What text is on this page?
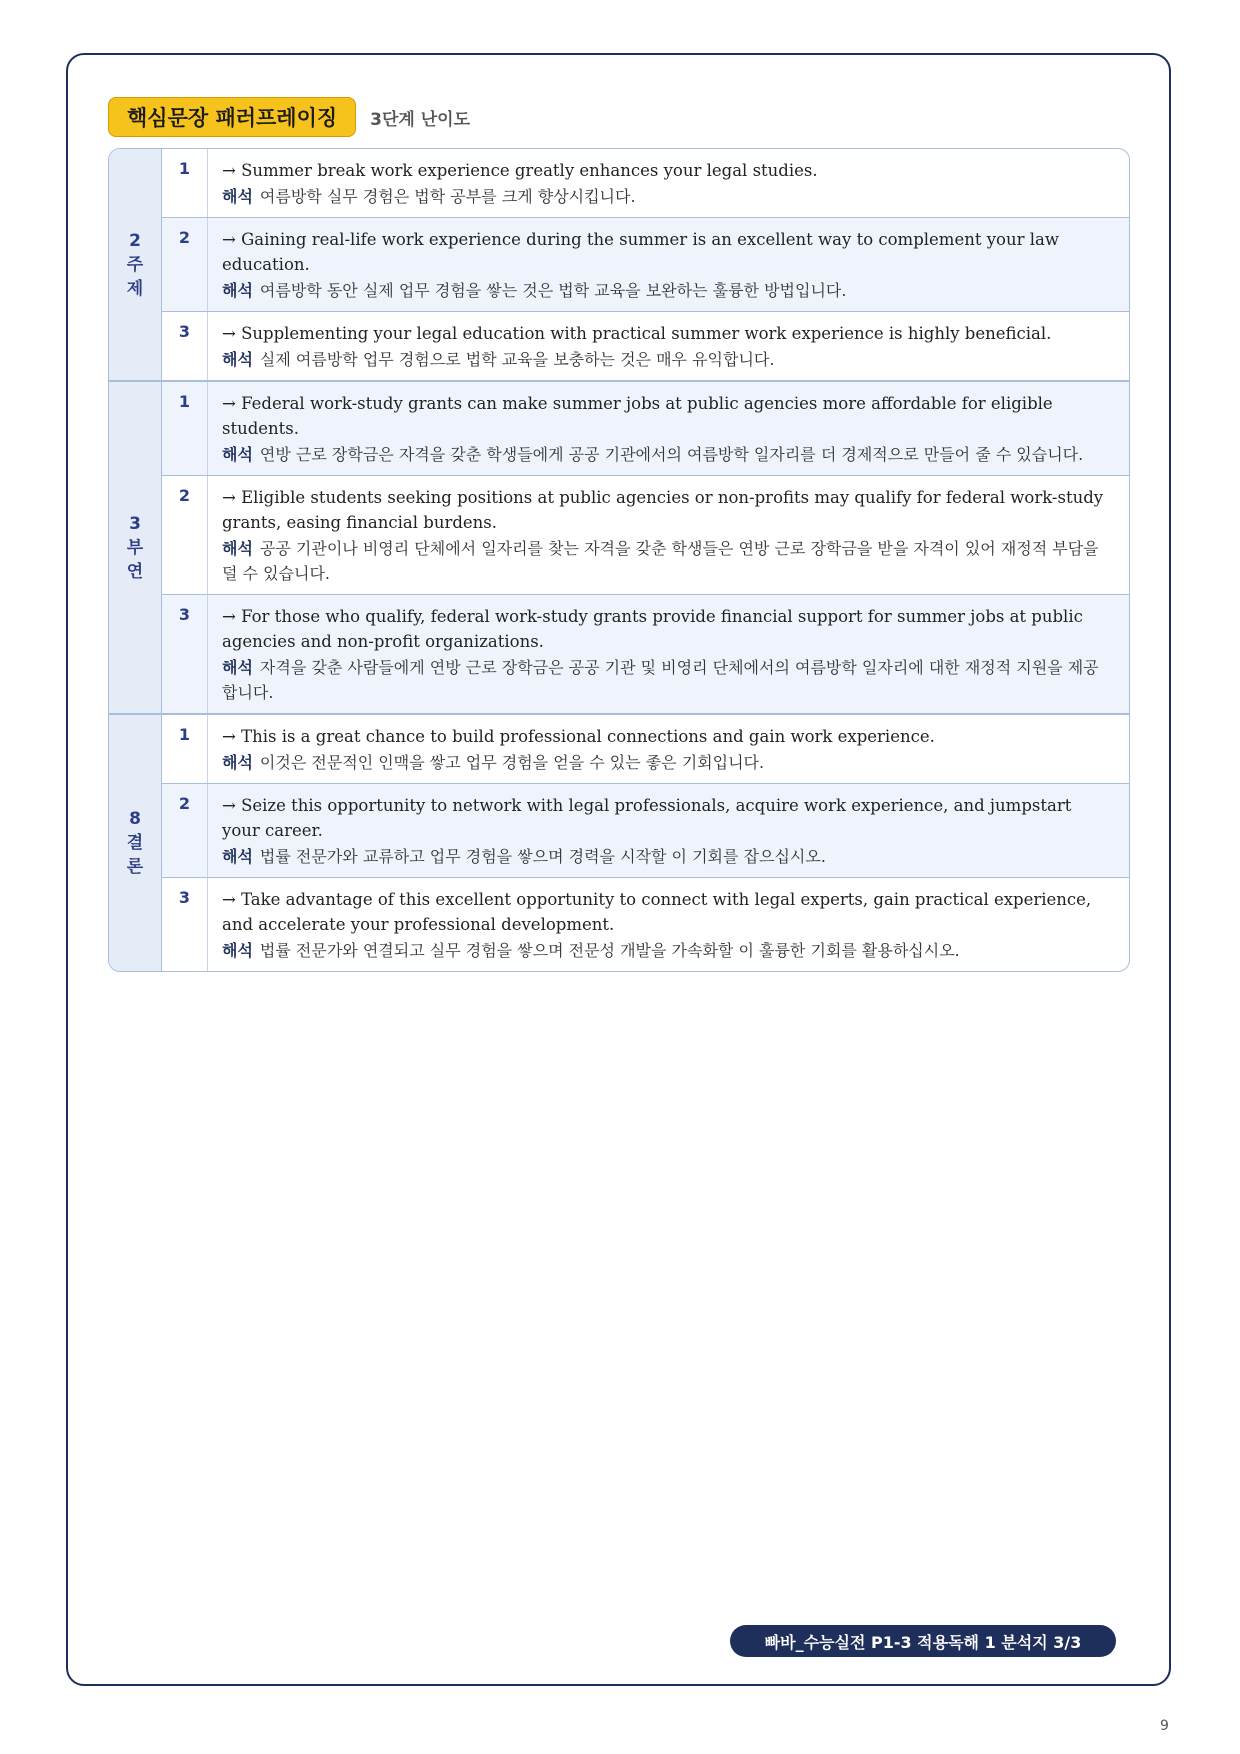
핵심문장 패러프레이징	3단계 난이도
2
주
제
1	→ Summer break work experience greatly enhances your legal studies.
해석 여름방학 실무 경험은 법학 공부를 크게 향상시킵니다.
2	→ Gaining real-life work experience during the summer is an excellent way to complement your law education.
해석 여름방학 동안 실제 업무 경험을 쌓는 것은 법학 교육을 보완하는 훌륭한 방법입니다.
3	→ Supplementing your legal education with practical summer work experience is highly beneficial.
해석 실제 여름방학 업무 경험으로 법학 교육을 보충하는 것은 매우 유익합니다.
3
부
연
1	→ Federal work-study grants can make summer jobs at public agencies more affordable for eligible students.
해석 연방 근로 장학금은 자격을 갖춘 학생들에게 공공 기관에서의 여름방학 일자리를 더 경제적으로 만들어 줄 수 있습니다.
2	→ Eligible students seeking positions at public agencies or non-profits may qualify for federal work-study grants, easing financial burdens.
해석 공공 기관이나 비영리 단체에서 일자리를 찾는 자격을 갖춘 학생들은 연방 근로 장학금을 받을 자격이 있어 재정적 부담을 덜 수 있습니다.
3	→ For those who qualify, federal work-study grants provide financial support for summer jobs at public agencies and non-profit organizations.
해석 자격을 갖춘 사람들에게 연방 근로 장학금은 공공 기관 및 비영리 단체에서의 여름방학 일자리에 대한 재정적 지원을 제공합니다.
8
결
론
1	→ This is a great chance to build professional connections and gain work experience.
해석 이것은 전문적인 인맥을 쌓고 업무 경험을 얻을 수 있는 좋은 기회입니다.
2	→ Seize this opportunity to network with legal professionals, acquire work experience, and jumpstart your career.
해석 법률 전문가와 교류하고 업무 경험을 쌓으며 경력을 시작할 이 기회를 잡으십시오.
3	→ Take advantage of this excellent opportunity to connect with legal experts, gain practical experience, and accelerate your professional development.
해석 법률 전문가와 연결되고 실무 경험을 쌓으며 전문성 개발을 가속화할 이 훌륭한 기회를 활용하십시오.
빠바_수능실전 P1-3 적용독해 1 분석지 3/3
9
